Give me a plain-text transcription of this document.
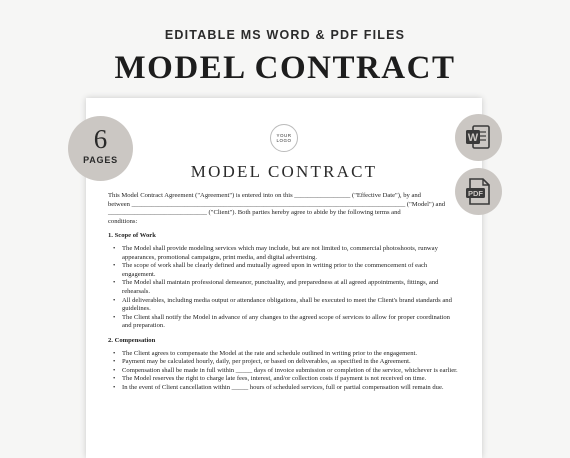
EDITABLE MS WORD & PDF FILES
MODEL CONTRACT
YOUR
LOGO
MODEL CONTRACT
This Model Contract Agreement ("Agreement") is entered into on this _________________ ("Effective Date"), by and
between ___________________________________________________________________________________ ("Model") and
______________________________ ("Client"). Both parties hereby agree to abide by the following terms and
conditions:
1. Scope of Work
• The Model shall provide modeling services which may include, but are not limited to, commercial photoshoots, runway appearances, promotional campaigns, print media, and digital advertising.
• The scope of work shall be clearly defined and mutually agreed upon in writing prior to the commencement of each engagement.
• The Model shall maintain professional demeanor, punctuality, and preparedness at all agreed appointments, fittings, and rehearsals.
• All deliverables, including media output or attendance obligations, shall be executed to meet the Client's brand standards and guidelines.
• The Client shall notify the Model in advance of any changes to the agreed scope of services to allow for proper coordination and preparation.
2. Compensation
• The Client agrees to compensate the Model at the rate and schedule outlined in writing prior to the engagement.
• Payment may be calculated hourly, daily, per project, or based on deliverables, as specified in the Agreement.
• Compensation shall be made in full within _____ days of invoice submission or completion of the service, whichever is earlier.
• The Model reserves the right to charge late fees, interest, and/or collection costs if payment is not received on time.
• In the event of Client cancellation within _____ hours of scheduled services, full or partial compensation will remain due.
6
PAGES
W
PDF
